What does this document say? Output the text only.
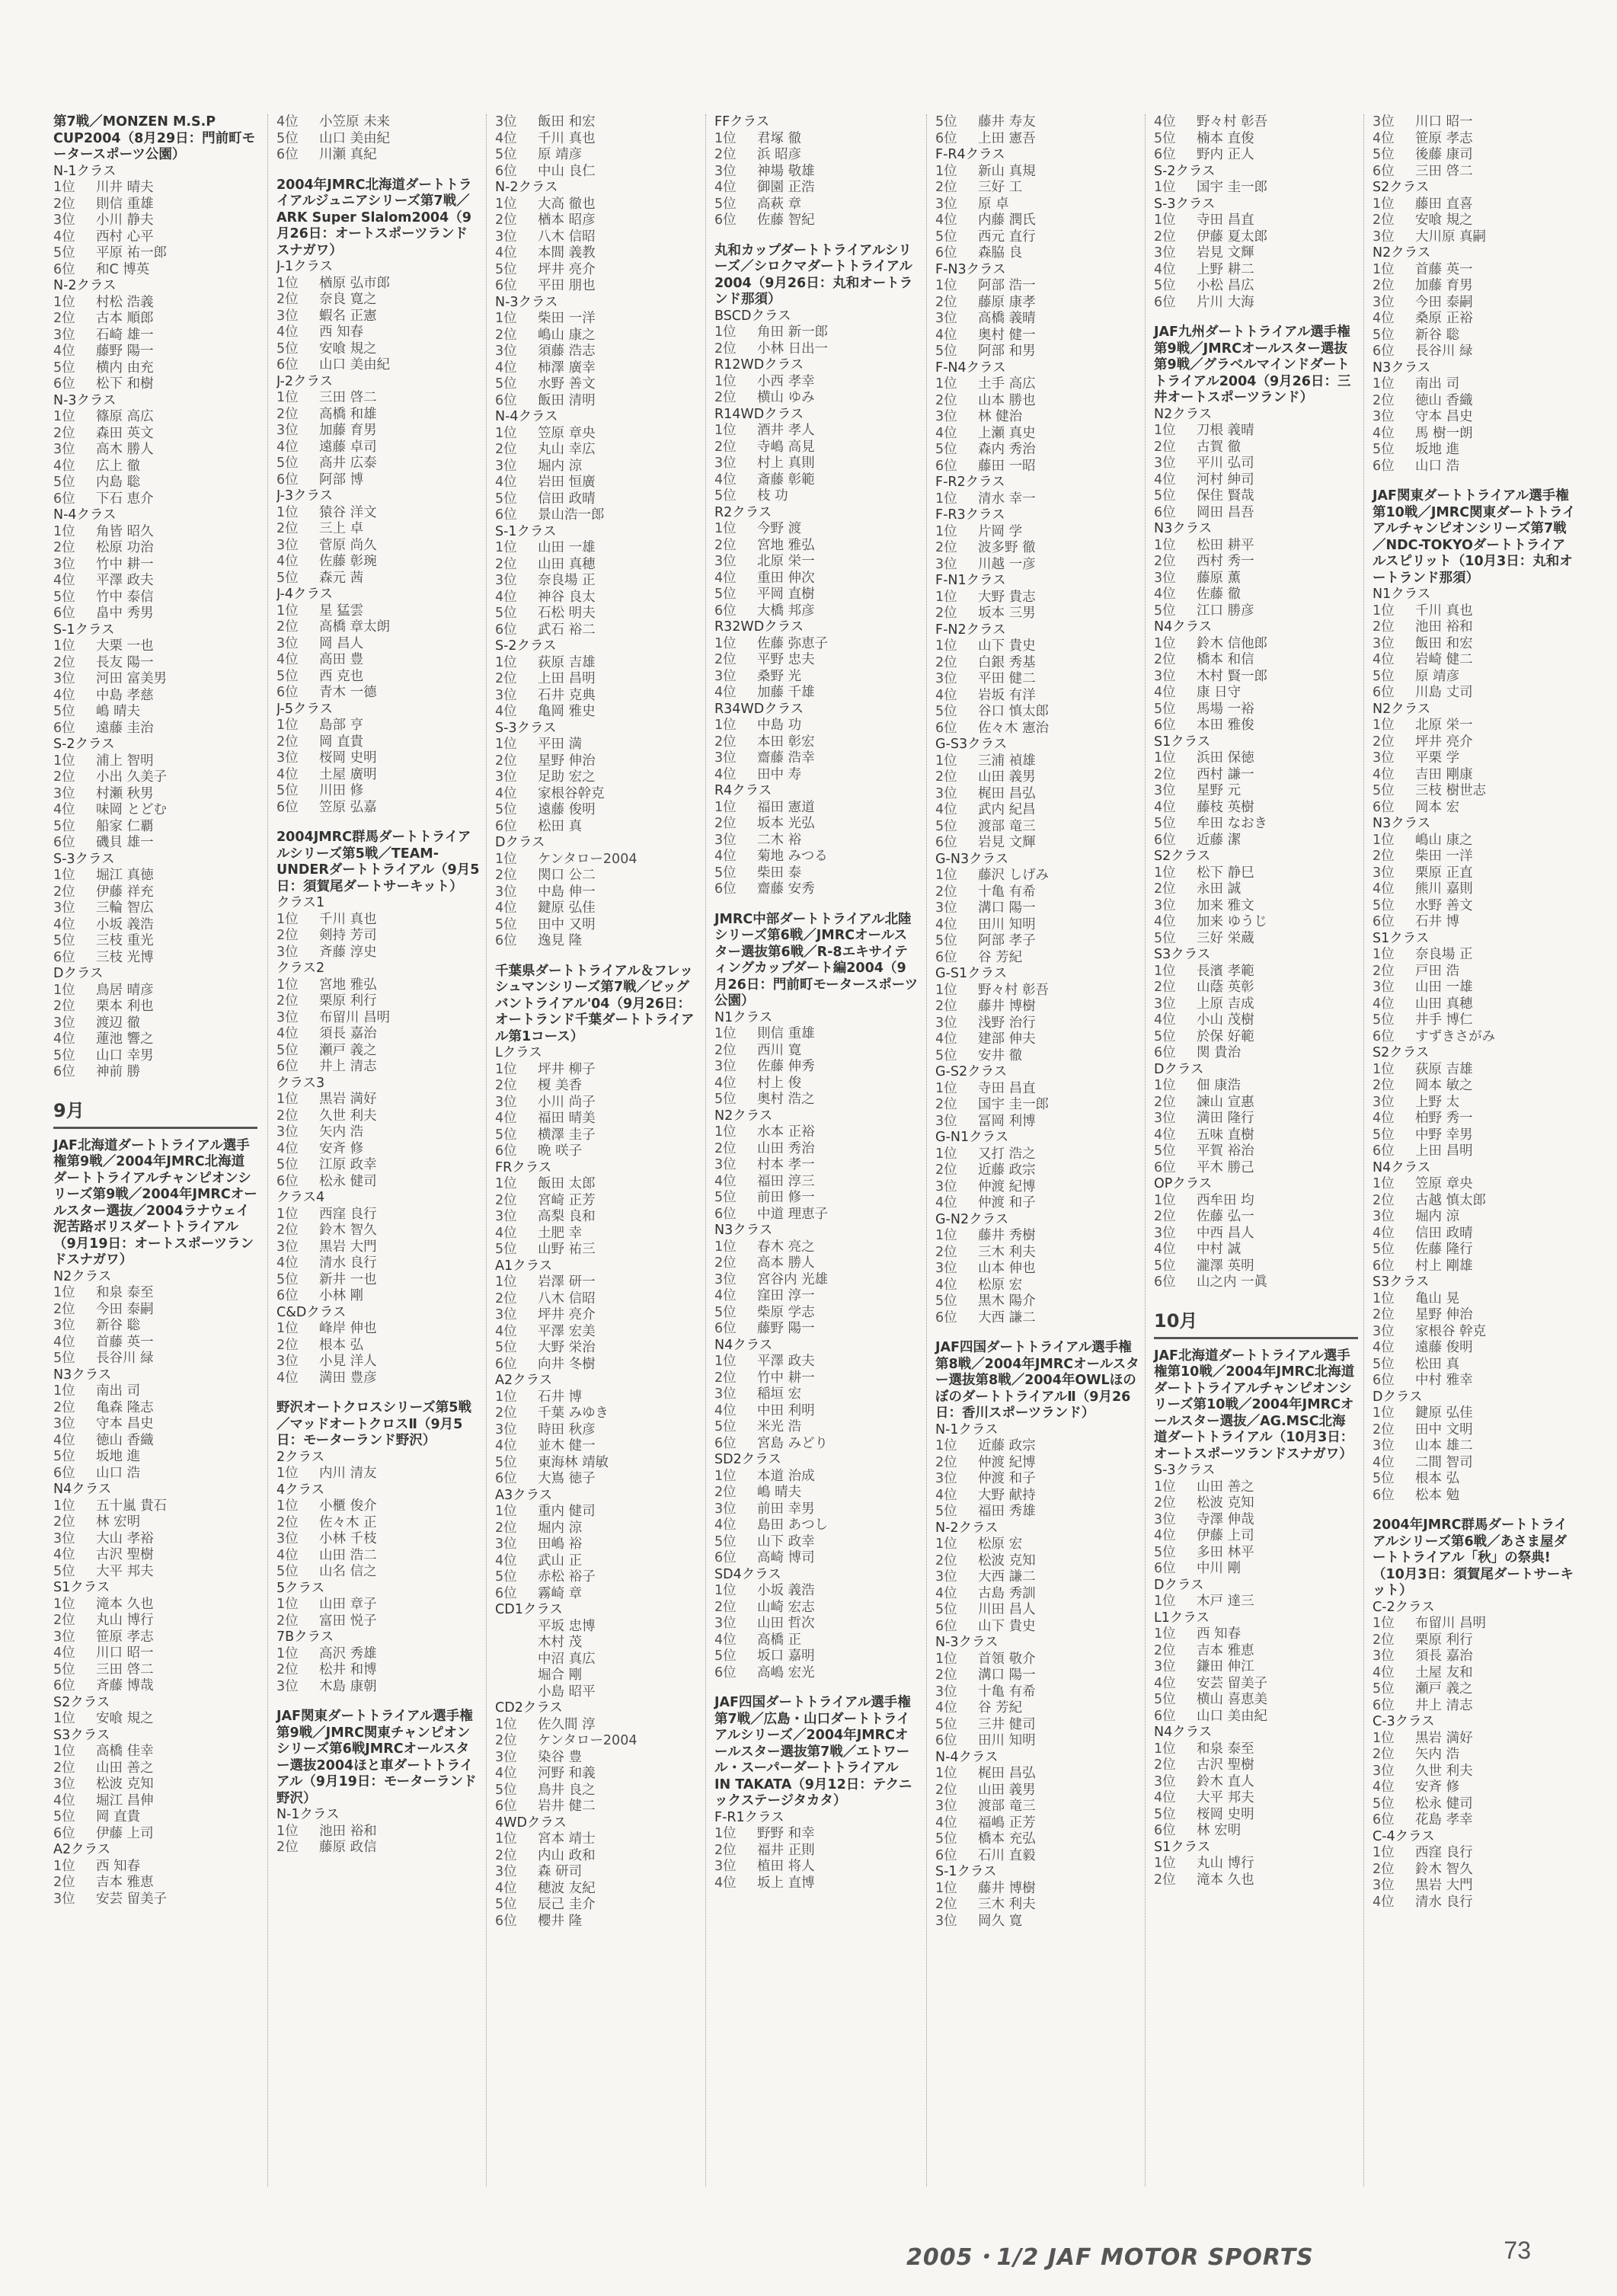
第7戦／MONZEN M.S.P CUP2004（8月29日：門前町モータースポーツ公園）
N-1クラス
1位 川井 晴夫
2位 則信 重雄
3位 小川 静夫
4位 西村 心平
5位 平原 祐一郎
6位 和C 博英
N-2クラス
1位 村松 浩義
2位 古本 順郎
3位 石崎 雄一
4位 藤野 陽一
5位 横内 由充
6位 松下 和樹
N-3クラス
1位 篠原 高広
2位 森田 英文
3位 高木 勝人
4位 広上 徹
5位 内島 聡
6位 下石 恵介
N-4クラス
1位 角皆 昭久
2位 松原 功治
3位 竹中 耕一
4位 平澤 政夫
5位 竹中 泰信
6位 畠中 秀男
S-1クラス
1位 大栗 一也
2位 長友 陽一
3位 河田 富美男
4位 中島 孝慈
5位 嶋 晴夫
6位 遠藤 圭治
S-2クラス
1位 浦上 智明
2位 小出 久美子
3位 村瀬 秋男
4位 味岡 とどむ
5位 船家 仁覇
6位 磯貝 雄一
S-3クラス
1位 堀江 真徳
2位 伊藤 祥充
3位 三輪 智広
4位 小坂 義浩
5位 三枝 重光
6位 三枝 光博
Dクラス
1位 鳥居 晴彦
2位 栗本 利也
3位 渡辺 徹
4位 蓮池 響之
5位 山口 幸男
6位 神前 勝
9月
JAF北海道ダートトライアル選手権第9戦／2004年JMRC北海道ダートトライアルチャンピオンシリーズ第9戦／2004年JMRCオールスター選抜／2004ラナウェイ泥苦路ボリスダートトライアル（9月19日：オートスポーツランドスナガワ）
N2クラス
1位 和泉 泰至
2位 今田 泰嗣
3位 新谷 聡
4位 首藤 英一
5位 長谷川 緑
N3クラス
1位 南出 司
2位 亀森 隆志
3位 守本 昌史
4位 徳山 香織
5位 坂地 進
6位 山口 浩
N4クラス
1位 五十嵐 貴石
2位 林 宏明
3位 大山 孝裕
4位 古沢 聖樹
5位 大平 邦夫
S1クラス
1位 滝本 久也
2位 丸山 博行
3位 笹原 孝志
4位 川口 昭一
5位 三田 啓二
6位 斉藤 博哉
S2クラス
1位 安喰 規之
S3クラス
1位 高橋 佳幸
2位 山田 善之
3位 松波 克知
4位 堀江 昌伸
5位 岡 直貴
6位 伊藤 上司
A2クラス
1位 西 知春
2位 吉本 雅恵
3位 安芸 留美子
4位 小笠原 未来
5位 山口 美由紀
6位 川瀬 真紀
2004年JMRC北海道ダートトライアルジュニアシリーズ第7戦／ARK Super Slalom2004（9月26日：オートスポーツランドスナガワ）
J-1クラス
1位 楢原 弘市郎
2位 奈良 寛之
3位 蝦名 正憲
4位 西 知春
5位 安喰 規之
6位 山口 美由紀
J-2クラス
1位 三田 啓二
2位 高橋 和雄
3位 加藤 育男
4位 遠藤 卓司
5位 高井 広泰
6位 阿部 博
J-3クラス
1位 猿谷 洋文
2位 三上 卓
3位 菅原 尚久
4位 佐藤 彰琬
5位 森元 茜
J-4クラス
1位 星 猛雲
2位 高橋 章太朗
3位 岡 昌人
4位 高田 豊
5位 西 克也
6位 青木 一德
J-5クラス
1位 島部 亨
2位 岡 直貴
3位 桜岡 史明
4位 土屋 廣明
5位 川田 修
6位 笠原 弘嘉
2004JMRC群馬ダートトライアルシリーズ第5戦／TEAM-UNDERダートトライアル（9月5日：須賀尾ダートサーキット）
クラス1
1位 千川 真也
2位 剣持 芳司
3位 斉藤 淳史
クラス2
1位 宮地 雅弘
2位 栗原 利行
3位 布留川 昌明
4位 須長 嘉治
5位 瀬戸 義之
6位 井上 清志
クラス3
1位 黒岩 満好
2位 久世 利夫
3位 矢内 浩
4位 安斉 修
5位 江原 政幸
6位 松永 健司
クラス4
1位 西窪 良行
2位 鈴木 智久
3位 黒岩 大門
4位 清水 良行
5位 新井 一也
6位 小林 剛
C&Dクラス
1位 峰岸 伸也
2位 根本 弘
3位 小見 洋人
4位 満田 豊彦
野沢オートクロスシリーズ第5戦／マッドオートクロスⅡ（9月5日：モーターランド野沢）
2クラス
1位 内川 清友
4クラス
1位 小櫃 俊介
2位 佐々木 正
3位 小林 千枝
4位 山田 浩二
5位 山名 信之
5クラス
1位 山田 章子
2位 富田 悦子
7Bクラス
1位 高沢 秀雄
2位 松井 和博
3位 木島 康朝
JAF関東ダートトライアル選手権第9戦／JMRC関東チャンピオンシリーズ第6戦JMRCオールスター選抜2004ほと車ダートトライアル（9月19日：モーターランド野沢）
N-1クラス
1位 池田 裕和
2位 藤原 政信
3位 飯田 和宏
4位 千川 真也
5位 原 靖彦
6位 中山 良仁
N-2クラス
1位 大高 徹也
2位 楢本 昭彦
3位 八木 信昭
4位 本間 義教
5位 坪井 亮介
6位 平田 朋也
N-3クラス
1位 柴田 一洋
2位 嶋山 康之
3位 須藤 浩志
4位 柿澤 廣幸
5位 水野 善文
6位 飯田 清明
N-4クラス
1位 笠原 章央
2位 丸山 幸広
3位 堀内 涼
4位 岩田 恒廣
5位 信田 政晴
6位 景山浩一郎
S-1クラス
1位 山田 一雄
2位 山田 真穂
3位 奈良場 正
4位 神谷 良太
5位 石松 明夫
6位 武石 裕二
S-2クラス
1位 荻原 吉雄
2位 上田 昌明
3位 石井 克典
4位 亀岡 雅史
S-3クラス
1位 平田 満
2位 星野 伸治
3位 足助 宏之
4位 家根谷幹克
5位 遠藤 俊明
6位 松田 真
Dクラス
1位 ケンタロー2004
2位 関口 公二
3位 中島 伸一
4位 鍵原 弘佳
5位 田中 又明
6位 逸見 隆
千葉県ダートトライアル＆フレッシュマンシリーズ第7戦／ビッグバントライアル'04（9月26日：オートランド千葉ダートトライアル第1コース）
Lクラス
1位 坪井 柳子
2位 榎 美香
3位 小川 尚子
4位 福田 晴美
5位 横澤 圭子
6位 晩 咲子
FRクラス
1位 飯田 太郎
2位 宮崎 正芳
3位 高梨 良和
4位 土肥 幸
5位 山野 祐三
A1クラス
1位 岩澤 研一
2位 八木 信昭
3位 坪井 亮介
4位 平澤 宏美
5位 大野 栄治
6位 向井 冬樹
A2クラス
1位 石井 博
2位 千葉 みゆき
3位 時田 秋彦
4位 並木 健一
5位 東海林 靖敏
6位 大嶌 徳子
A3クラス
1位 重内 健司
2位 堀内 涼
3位 田嶋 裕
4位 武山 正
5位 赤松 裕子
6位 霧崎 章
CD1クラス
平坂 忠博
木村 茂
中沼 真広
堀合 剛
小島 昭平
CD2クラス
1位 佐久間 淳
2位 ケンタロー2004
3位 染谷 豊
4位 河野 和義
5位 鳥井 良之
6位 岩井 健二
4WDクラス
1位 宮本 靖士
2位 内山 政和
3位 森 研司
4位 穂波 友紀
5位 辰己 圭介
6位 櫻井 隆
FFクラス
1位 君塚 徹
2位 浜 昭彦
3位 神場 敬雄
4位 御園 正浩
5位 高萩 章
6位 佐藤 智紀
丸和カップダートトライアルシリーズ／シロクマダートトライアル2004（9月26日：丸和オートランド那須）
BSCDクラス
1位 角田 新一郎
2位 小林 日出一
R12WDクラス
1位 小西 孝幸
2位 横山 ゆみ
R14WDクラス
1位 酒井 孝人
2位 寺嶋 高見
3位 村上 真則
4位 斎藤 彰範
5位 枝 功
R2クラス
1位 今野 渡
2位 宮地 雅弘
3位 北原 栄一
4位 重田 伸次
5位 平岡 直樹
6位 大橋 邦彦
R32WDクラス
1位 佐藤 弥恵子
2位 平野 忠夫
3位 桑野 光
4位 加藤 千雄
R34WDクラス
1位 中島 功
2位 本田 彰宏
3位 齋藤 浩幸
4位 田中 寿
R4クラス
1位 福田 憲道
2位 坂本 光弘
3位 二木 裕
4位 菊地 みつる
5位 柴田 泰
6位 齋藤 安秀
JMRC中部ダートトライアル北陸シリーズ第6戦／JMRCオールスター選抜第6戦／R-8エキサイティングカップダート編2004（9月26日：門前町モータースポーツ公園）
N1クラス
1位 則信 重雄
2位 西川 寛
3位 佐藤 伸秀
4位 村上 俊
5位 奥村 浩之
N2クラス
1位 水本 正裕
2位 山田 秀治
3位 村本 孝一
4位 福田 淳三
5位 前田 修一
6位 中道 理恵子
N3クラス
1位 春木 亮之
2位 高本 勝人
3位 宮谷内 光雄
4位 窪田 淳一
5位 柴原 学志
6位 藤野 陽一
N4クラス
1位 平澤 政夫
2位 竹中 耕一
3位 稲垣 宏
4位 中田 利明
5位 米光 浩
6位 宮島 みどり
SD2クラス
1位 本道 治成
2位 嶋 晴夫
3位 前田 幸男
4位 島田 あつし
5位 山下 政幸
6位 高崎 博司
SD4クラス
1位 小坂 義浩
2位 山崎 宏志
3位 山田 哲次
4位 高橋 正
5位 坂口 嘉明
6位 高嶋 宏光
JAF四国ダートトライアル選手権第7戦／広島・山口ダートトライアルシリーズ／2004年JMRCオールスター選抜第7戦／エトワール・スーパーダートトライアル IN TAKATA（9月12日：テクニックステージタカタ）
F-R1クラス
1位 野野 和幸
2位 福井 正則
3位 植田 将人
4位 坂上 直博
5位 藤井 寿友
6位 上田 憲吾
F-R4クラス
1位 新山 真規
2位 三好 工
3位 原 卓
4位 内藤 潤氏
5位 西元 直行
6位 森脇 良
F-N3クラス
1位 阿部 浩一
2位 藤原 康孝
3位 高橋 義晴
4位 奥村 健一
5位 阿部 和男
F-N4クラス
1位 土手 高広
2位 山本 勝也
3位 林 健治
4位 上瀬 真史
5位 森内 秀治
6位 藤田 一昭
F-R2クラス
1位 清水 幸一
F-R3クラス
1位 片岡 学
2位 波多野 徹
3位 川越 一彦
F-N1クラス
1位 大野 貴志
2位 坂本 三男
F-N2クラス
1位 山下 貴史
2位 白銀 秀基
3位 平田 健二
4位 岩坂 有洋
5位 谷口 慎太郎
6位 佐々木 憲治
G-S3クラス
1位 三浦 禎雄
2位 山田 義男
3位 梶田 昌弘
4位 武内 紀昌
5位 渡部 竜三
6位 岩見 文輝
G-N3クラス
1位 藤沢 しげみ
2位 十亀 有希
3位 溝口 陽一
4位 田川 知明
5位 阿部 孝子
6位 谷 芳紀
G-S1クラス
1位 野々村 彰吾
2位 藤井 博樹
3位 浅野 治行
4位 建部 伸夫
5位 安井 徹
G-S2クラス
1位 寺田 昌直
2位 国宇 圭一郎
3位 冨岡 利博
G-N1クラス
1位 又打 浩之
2位 近藤 政宗
3位 仲渡 紀博
4位 仲渡 和子
G-N2クラス
1位 藤井 秀樹
2位 三木 利夫
3位 山本 伸也
4位 松原 宏
5位 黒木 陽介
6位 大西 謙二
JAF四国ダートトライアル選手権第8戦／2004年JMRCオールスター選抜第8戦／2004年OWLほのぼのダートトライアルⅡ（9月26日：香川スポーツランド）
N-1クラス
1位 近藤 政宗
2位 仲渡 紀博
3位 仲渡 和子
4位 大野 献持
5位 福田 秀雄
N-2クラス
1位 松原 宏
2位 松波 克知
3位 大西 謙二
4位 古島 秀訓
5位 川田 昌人
6位 山下 貴史
N-3クラス
1位 首領 敬介
2位 溝口 陽一
3位 十亀 有希
4位 谷 芳紀
5位 三井 健司
6位 田川 知明
N-4クラス
1位 梶田 昌弘
2位 山田 義男
3位 渡部 竜三
4位 福嶋 正芳
5位 橋本 充弘
6位 石川 直毅
S-1クラス
1位 藤井 博樹
2位 三木 利夫
3位 岡久 寛
4位 野々村 彰吾
5位 楠本 直俊
6位 野内 正人
S-2クラス
1位 国宇 圭一郎
S-3クラス
1位 寺田 昌直
2位 伊藤 夏太郎
3位 岩見 文輝
4位 上野 耕二
5位 小松 昌広
6位 片川 大海
JAF九州ダートトライアル選手権第9戦／JMRCオールスター選抜第9戦／グラベルマインドダートトライアル2004（9月26日：三井オートスポーツランド）
N2クラス
1位 刀根 義晴
2位 古賀 徹
3位 平川 弘司
4位 河村 紳司
5位 保住 賢哉
6位 岡田 昌吾
N3クラス
1位 松田 耕平
2位 西村 秀一
3位 藤原 薫
4位 佐藤 徹
5位 江口 勝彦
N4クラス
1位 鈴木 信他郎
2位 橋本 和信
3位 木村 賢一郎
4位 康 日守
5位 馬場 一裕
6位 本田 雅俊
S1クラス
1位 浜田 保徳
2位 西村 謙一
3位 星野 元
4位 藤枝 英樹
5位 牟田 なおき
6位 近藤 潔
S2クラス
1位 松下 静巳
2位 永田 誠
3位 加来 雅文
4位 加来 ゆうじ
5位 三好 栄蔵
S3クラス
1位 長濱 孝範
2位 山蔭 英彰
3位 上原 吉成
4位 小山 茂樹
5位 於保 好範
6位 関 貴治
Dクラス
1位 佃 康浩
2位 諫山 宣惠
3位 満田 隆行
4位 五味 直樹
5位 平賀 裕治
6位 平木 勝己
OPクラス
1位 西牟田 均
2位 佐藤 弘一
3位 中西 昌人
4位 中村 誠
5位 瀧澤 英明
6位 山之内 一眞
10月
JAF北海道ダートトライアル選手権第10戦／2004年JMRC北海道ダートトライアルチャンピオンシリーズ第10戦／2004年JMRCオールスター選抜／AG.MSC北海道ダートトライアル（10月3日：オートスポーツランドスナガワ）
S-3クラス
1位 山田 善之
2位 松波 克知
3位 寺澤 伸哉
4位 伊藤 上司
5位 多田 林平
6位 中川 剛
Dクラス
1位 木戸 達三
L1クラス
1位 西 知春
2位 吉本 雅恵
3位 鎌田 伸江
4位 安芸 留美子
5位 横山 喜恵美
6位 山口 美由紀
N4クラス
1位 和泉 泰至
2位 古沢 聖樹
3位 鈴木 直人
4位 大平 邦夫
5位 桜岡 史明
6位 林 宏明
S1クラス
1位 丸山 博行
2位 滝本 久也
3位 川口 昭一
4位 笹原 孝志
5位 後藤 康司
6位 三田 啓二
S2クラス
1位 藤田 直喜
2位 安喰 規之
3位 大川原 真嗣
N2クラス
1位 首藤 英一
2位 加藤 育男
3位 今田 泰嗣
4位 桑原 正裕
5位 新谷 聡
6位 長谷川 緑
N3クラス
1位 南出 司
2位 徳山 香織
3位 守本 昌史
4位 馬 樹一朗
5位 坂地 進
6位 山口 浩
JAF関東ダートトライアル選手権第10戦／JMRC関東ダートトライアルチャンピオンシリーズ第7戦／NDC-TOKYOダートトライアルスピリット（10月3日：丸和オートランド那須）
N1クラス
1位 千川 真也
2位 池田 裕和
3位 飯田 和宏
4位 岩崎 健二
5位 原 靖彦
6位 川島 丈司
N2クラス
1位 北原 栄一
2位 坪井 亮介
3位 平栗 学
4位 吉田 剛康
5位 三枝 樹世志
6位 岡本 宏
N3クラス
1位 嶋山 康之
2位 柴田 一洋
3位 栗原 正直
4位 熊川 嘉則
5位 水野 善文
6位 石井 博
S1クラス
1位 奈良場 正
2位 戸田 浩
3位 山田 一雄
4位 山田 真穂
5位 井手 博仁
6位 すずきさがみ
S2クラス
1位 荻原 吉雄
2位 岡本 敏之
3位 上野 太
4位 柏野 秀一
5位 中野 幸男
6位 上田 昌明
N4クラス
1位 笠原 章央
2位 古越 慎太郎
3位 堀内 涼
4位 信田 政晴
5位 佐藤 隆行
6位 村上 剛雄
S3クラス
1位 亀山 晃
2位 星野 伸治
3位 家根谷 幹克
4位 遠藤 俊明
5位 松田 真
6位 中村 雅幸
Dクラス
1位 鍵原 弘佳
2位 田中 文明
3位 山本 雄二
4位 二間 智司
5位 根本 弘
6位 松本 勉
2004年JMRC群馬ダートトライアルシリーズ第6戦／あさま屋ダートトライアル「秋」の祭典!（10月3日：須賀尾ダートサーキット）
C-2クラス
1位 布留川 昌明
2位 栗原 利行
3位 須長 嘉治
4位 土屋 友和
5位 瀬戸 義之
6位 井上 清志
C-3クラス
1位 黒岩 満好
2位 矢内 浩
3位 久世 利夫
4位 安斉 修
5位 松永 健司
6位 花島 孝幸
C-4クラス
1位 西窪 良行
2位 鈴木 智久
3位 黒岩 大門
4位 清水 良行
2005・1/2 JAF MOTOR SPORTS	73
